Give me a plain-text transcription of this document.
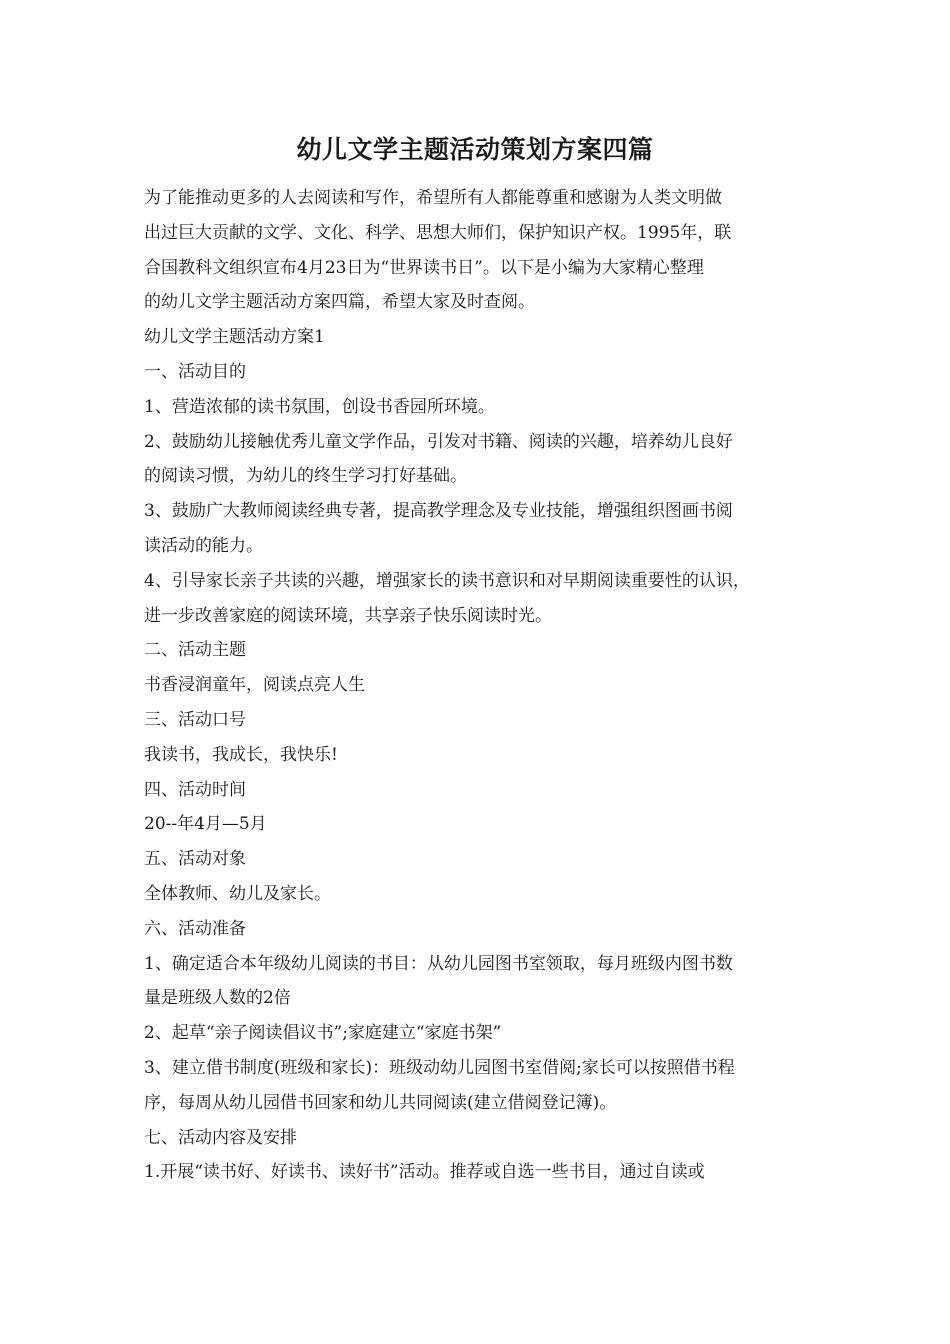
幼儿文学主题活动策划方案四篇

为了能推动更多的人去阅读和写作，希望所有人都能尊重和感谢为人类文明做
出过巨大贡献的文学、文化、科学、思想大师们，保护知识产权。1995年，联
合国教科文组织宣布4月23日为“世界读书日”。以下是小编为大家精心整理
的幼儿文学主题活动方案四篇，希望大家及时查阅。

幼儿文学主题活动方案1

一、活动目的

1、营造浓郁的读书氛围，创设书香园所环境。

2、鼓励幼儿接触优秀儿童文学作品，引发对书籍、阅读的兴趣，培养幼儿良好
的阅读习惯，为幼儿的终生学习打好基础。

3、鼓励广大教师阅读经典专著，提高教学理念及专业技能，增强组织图画书阅
读活动的能力。

4、引导家长亲子共读的兴趣，增强家长的读书意识和对早期阅读重要性的认识，
进一步改善家庭的阅读环境，共享亲子快乐阅读时光。

二、活动主题

书香浸润童年，阅读点亮人生

三、活动口号

我读书，我成长，我快乐!

四、活动时间

20--年4月—5月

五、活动对象

全体教师、幼儿及家长。

六、活动准备

1、确定适合本年级幼儿阅读的书目：从幼儿园图书室领取，每月班级内图书数
量是班级人数的2倍

2、起草“亲子阅读倡议书”;家庭建立“家庭书架”

3、建立借书制度(班级和家长)：班级动幼儿园图书室借阅;家长可以按照借书程
序，每周从幼儿园借书回家和幼儿共同阅读(建立借阅登记簿)。

七、活动内容及安排

1.开展“读书好、好读书、读好书”活动。推荐或自选一些书目，通过自读或
